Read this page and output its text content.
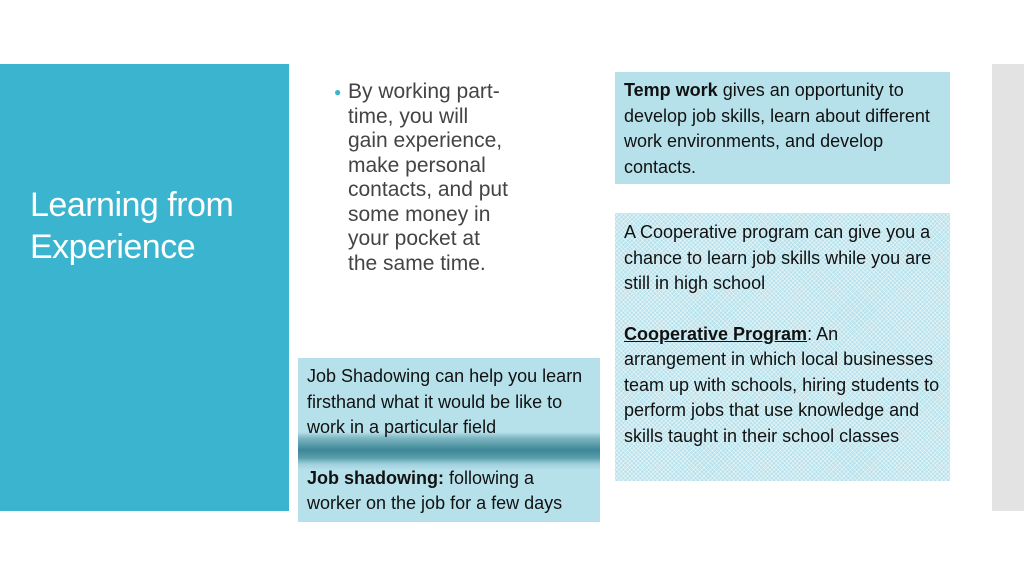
Learning from Experience
● By working part-time, you will gain experience, make personal contacts, and put some money in your pocket at the same time.

Temp work gives an opportunity to develop job skills, learn about different work environments, and develop contacts.

A Cooperative program can give you a chance to learn job skills while you are still in high school

Cooperative Program: An arrangement in which local businesses team up with schools, hiring students to perform jobs that use knowledge and skills taught in their school classes

Job Shadowing can help you learn firsthand what it would be like to work in a particular field

Job shadowing: following a worker on the job for a few days
